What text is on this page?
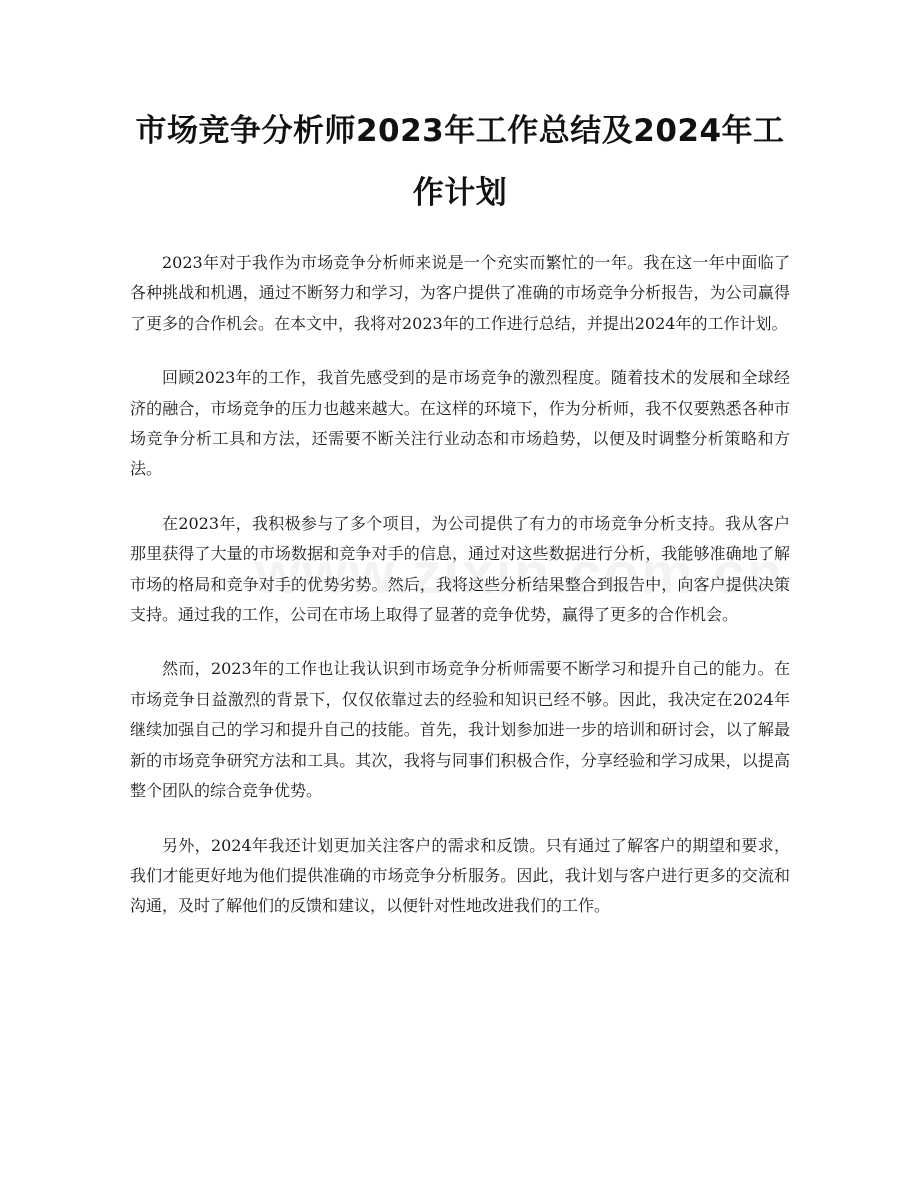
市场竞争分析师2023年工作总结及2024年工作计划

2023年对于我作为市场竞争分析师来说是一个充实而繁忙的一年。我在这一年中面临了各种挑战和机遇，通过不断努力和学习，为客户提供了准确的市场竞争分析报告，为公司赢得了更多的合作机会。在本文中，我将对2023年的工作进行总结，并提出2024年的工作计划。

回顾2023年的工作，我首先感受到的是市场竞争的激烈程度。随着技术的发展和全球经济的融合，市场竞争的压力也越来越大。在这样的环境下，作为分析师，我不仅要熟悉各种市场竞争分析工具和方法，还需要不断关注行业动态和市场趋势，以便及时调整分析策略和方法。

在2023年，我积极参与了多个项目，为公司提供了有力的市场竞争分析支持。我从客户那里获得了大量的市场数据和竞争对手的信息，通过对这些数据进行分析，我能够准确地了解市场的格局和竞争对手的优势劣势。然后，我将这些分析结果整合到报告中，向客户提供决策支持。通过我的工作，公司在市场上取得了显著的竞争优势，赢得了更多的合作机会。

然而，2023年的工作也让我认识到市场竞争分析师需要不断学习和提升自己的能力。在市场竞争日益激烈的背景下，仅仅依靠过去的经验和知识已经不够。因此，我决定在2024年继续加强自己的学习和提升自己的技能。首先，我计划参加进一步的培训和研讨会，以了解最新的市场竞争研究方法和工具。其次，我将与同事们积极合作，分享经验和学习成果，以提高整个团队的综合竞争优势。

另外，2024年我还计划更加关注客户的需求和反馈。只有通过了解客户的期望和要求，我们才能更好地为他们提供准确的市场竞争分析服务。因此，我计划与客户进行更多的交流和沟通，及时了解他们的反馈和建议，以便针对性地改进我们的工作。
